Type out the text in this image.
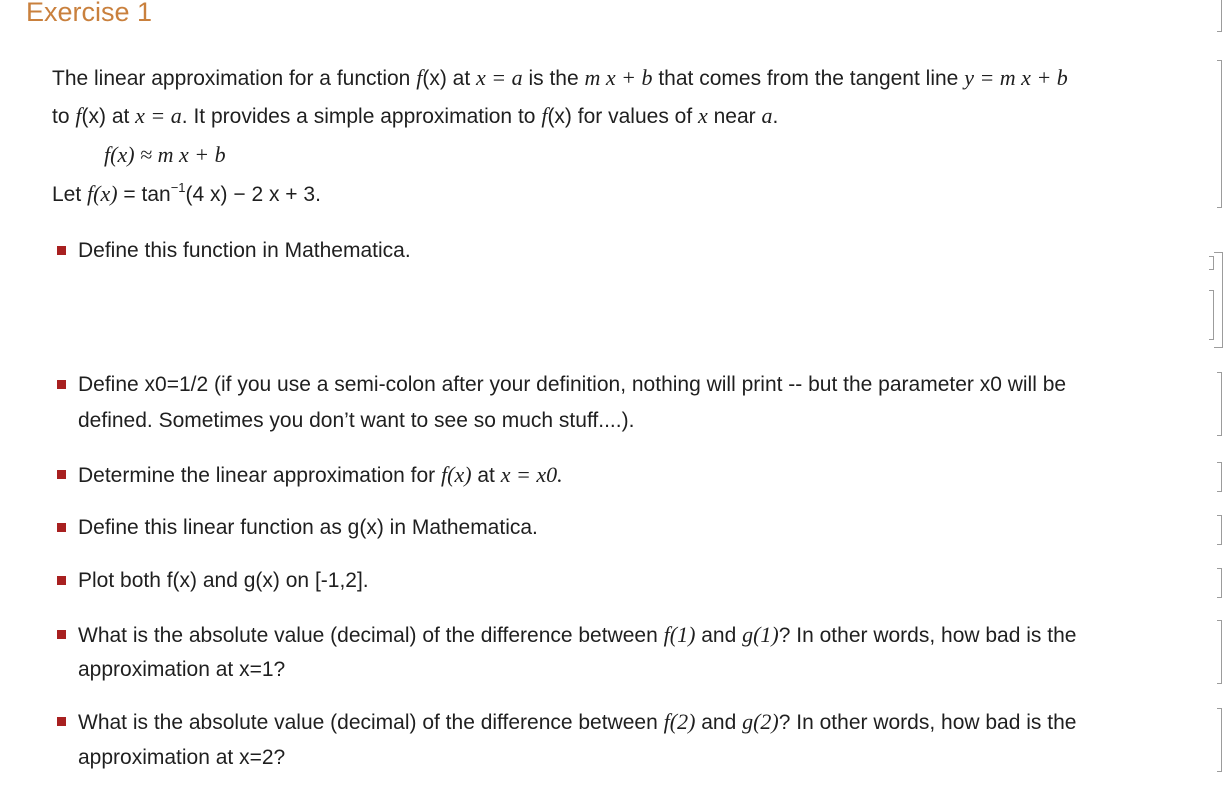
Exercise 1
The linear approximation for a function f(x) at x = a is the m x + b that comes from the tangent line y = m x + b
to f(x) at x = a. It provides a simple approximation to f(x) for values of x near a.
f(x) ≈ m x + b
Let $f(x) = \tan^{-1}(4$ x) − 2 x + 3.
Define this function in Mathematica.
Define x0=1/2 (if you use a semi-colon after your definition, nothing will print -- but the parameter x0 will be
defined. Sometimes you don’t want to see so much stuff....).
Determine the linear approximation for f(x) at x = x0.
Define this linear function as g(x) in Mathematica.
Plot both f(x) and g(x) on [-1,2].
What is the absolute value (decimal) of the difference between f(1) and g(1)? In other words, how bad is the
approximation at x=1?
What is the absolute value (decimal) of the difference between f(2) and g(2)? In other words, how bad is the
approximation at x=2?
